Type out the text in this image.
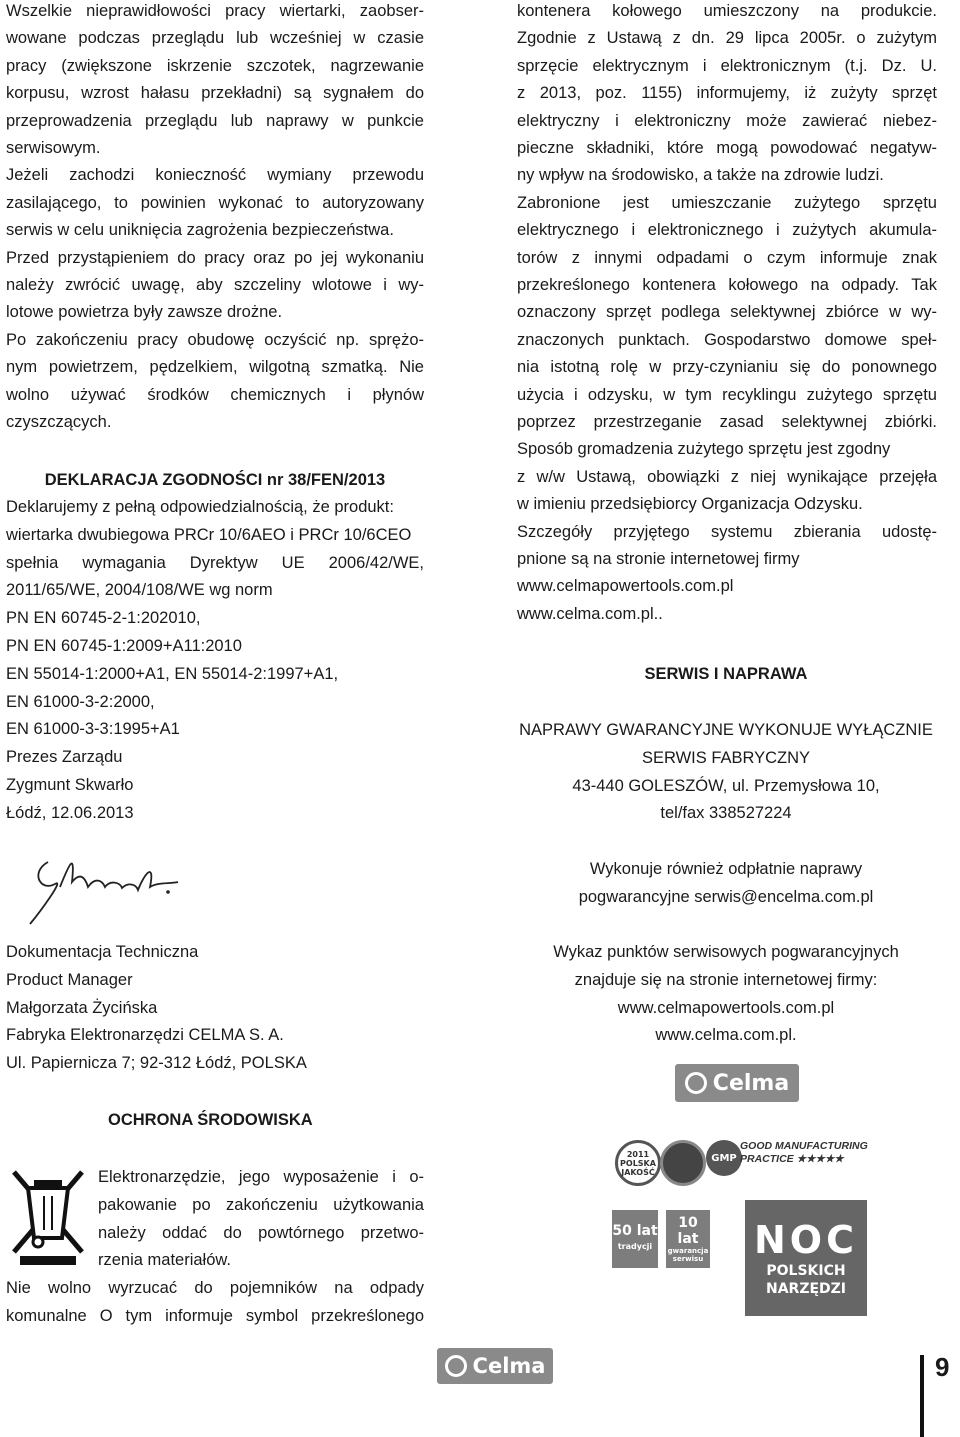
Wszelkie nieprawidłowości pracy wiertarki, zaobser-
wowane podczas przeglądu lub wcześniej w czasie
pracy (zwiększone iskrzenie szczotek, nagrzewanie
korpusu, wzrost hałasu przekładni) są sygnałem do
przeprowadzenia przeglądu lub naprawy w punkcie
serwisowym.
Jeżeli zachodzi konieczność wymiany przewodu
zasilającego, to powinien wykonać to autoryzowany
serwis w celu uniknięcia zagrożenia bezpieczeństwa.
Przed przystąpieniem do pracy oraz po jej wykonaniu
należy zwrócić uwagę, aby szczeliny wlotowe i wy-
lotowe powietrza były zawsze drożne.
Po zakończeniu pracy obudowę oczyścić np. sprężo-
nym powietrzem, pędzelkiem, wilgotną szmatką. Nie
wolno używać środków chemicznych i płynów
czyszczących.
DEKLARACJA ZGODNOŚCI nr 38/FEN/2013
Deklarujemy z pełną odpowiedzialnością, że produkt:
wiertarka dwubiegowa PRCr 10/6AEO i PRCr 10/6CEO
spełnia wymagania Dyrektyw UE 2006/42/WE,
2011/65/WE, 2004/108/WE wg norm
PN EN 60745-2-1:202010,
PN EN 60745-1:2009+A11:2010
EN 55014-1:2000+A1, EN 55014-2:1997+A1,
EN 61000-3-2:2000,
EN 61000-3-3:1995+A1
Prezes Zarządu
Zygmunt Skwarło
Łódź, 12.06.2013
Dokumentacja Techniczna
Product Manager
Małgorzata Życińska
Fabryka Elektronarzędzi CELMA S. A.
Ul. Papiernicza 7; 92-312 Łódź, POLSKA
OCHRONA ŚRODOWISKA
Elektronarzędzie, jego wyposażenie i o-
pakowanie po zakończeniu użytkowania
należy oddać do powtórnego przetwo-
rzenia materiałów.
Nie wolno wyrzucać do pojemników na odpady
komunalne O tym informuje symbol przekreślonego
kontenera kołowego umieszczony na produkcie.
Zgodnie z Ustawą z dn. 29 lipca 2005r. o zużytym
sprzęcie elektrycznym i elektronicznym (t.j. Dz. U.
z 2013, poz. 1155) informujemy, iż zużyty sprzęt
elektryczny i elektroniczny może zawierać niebez-
pieczne składniki, które mogą powodować negatyw-
ny wpływ na środowisko, a także na zdrowie ludzi.
Zabronione jest umieszczanie zużytego sprzętu
elektrycznego i elektronicznego i zużytych akumula-
torów z innymi odpadami o czym informuje znak
przekreślonego kontenera kołowego na odpady. Tak
oznaczony sprzęt podlega selektywnej zbiórce w wy-
znaczonych punktach. Gospodarstwo domowe speł-
nia istotną rolę w przy-czynianiu się do ponownego
użycia i odzysku, w tym recyklingu zużytego sprzętu
poprzez przestrzeganie zasad selektywnej zbiórki.
Sposób gromadzenia zużytego sprzętu jest zgodny
z w/w Ustawą, obowiązki z niej wynikające przejęła
w imieniu przedsiębiorcy Organizacja Odzysku.
Szczegóły przyjętego systemu zbierania udostę-
pnione są na stronie internetowej firmy
www.celmapowertools.com.pl
www.celma.com.pl..
SERWIS I NAPRAWA
NAPRAWY GWARANCYJNE WYKONUJE WYŁĄCZNIE
SERWIS FABRYCZNY
43-440 GOLESZÓW, ul. Przemysłowa 10,
tel/fax 338527224
Wykonuje również odpłatnie naprawy
pogwarancyjne serwis@encelma.com.pl
Wykaz punktów serwisowych pogwarancyjnych
znajduje się na stronie internetowej firmy:
www.celmapowertools.com.pl
www.celma.com.pl.
Celma
2011 POLSKA JAKOŚĆ
GMP
GOOD MANUFACTURING
PRACTICE ★★★★★
50 lat
tradycji
10 lat
gwarancja serwisu NOC
POLSKICH
NARZĘDZI
Celma	9
